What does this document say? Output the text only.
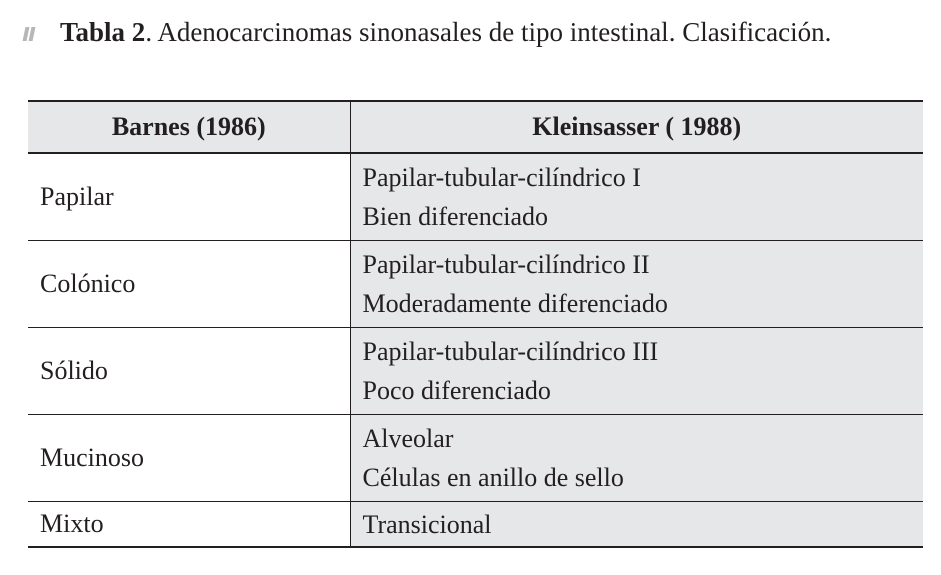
Tabla 2. Adenocarcinomas sinonasales de tipo intestinal. Clasificación.
Barnes (1986)	Kleinsasser ( 1988)
Papilar	Papilar-tubular-cilíndrico I
Bien diferenciado

Colónico	Papilar-tubular-cilíndrico II
Moderadamente diferenciado

Sólido	Papilar-tubular-cilíndrico III
Poco diferenciado

Mucinoso	Alveolar
Células en anillo de sello

Mixto	Transicional
